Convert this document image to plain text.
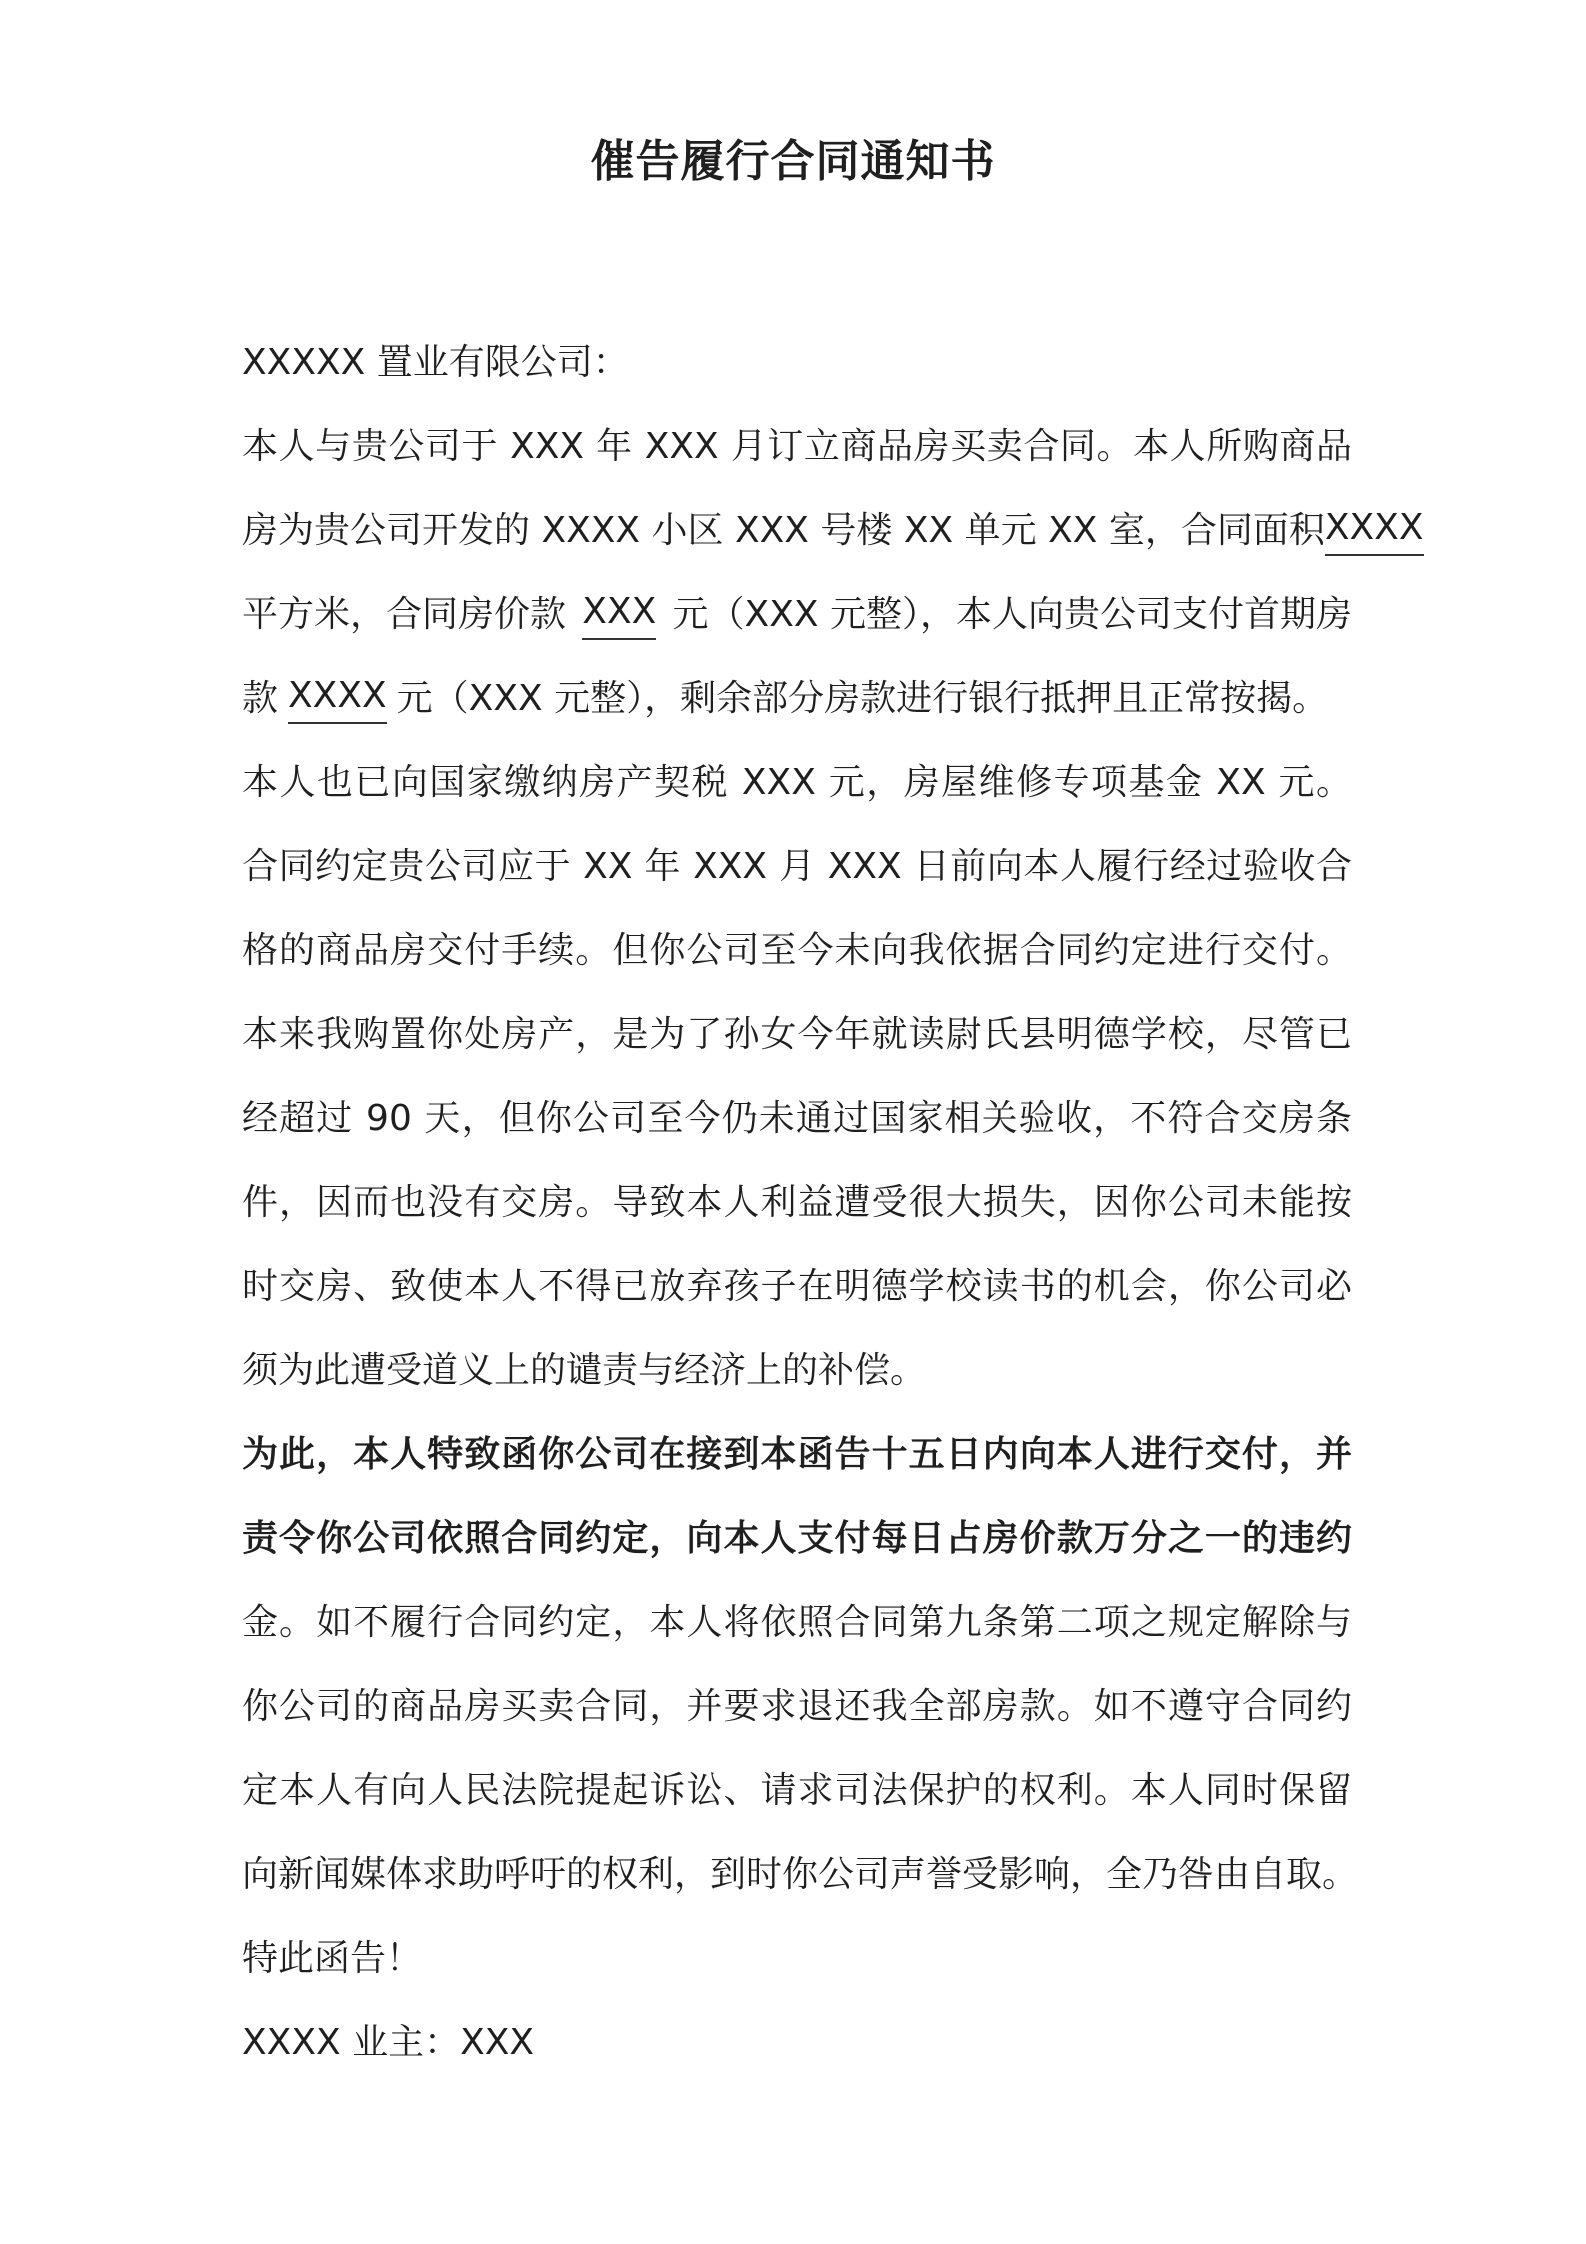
催告履行合同通知书
XXXXX 置业有限公司：
本人与贵公司于 XXX 年 XXX 月订立商品房买卖合同。本人所购商品
房为贵公司开发的 XXXX 小区 XXX 号楼 XX 单元 XX 室，合同面积 XXXX
平方米，合同房价款 XXX 元（XXX 元整），本人向贵公司支付首期房
款 XXXX 元（XXX 元整），剩余部分房款进行银行抵押且正常按揭。
本人也已向国家缴纳房产契税 XXX 元，房屋维修专项基金 XX 元。
合同约定贵公司应于 XX 年 XXX 月 XXX 日前向本人履行经过验收合
格的商品房交付手续。但你公司至今未向我依据合同约定进行交付。
本来我购置你处房产，是为了孙女今年就读尉氏县明德学校，尽管已
经超过 90 天，但你公司至今仍未通过国家相关验收，不符合交房条
件，因而也没有交房。导致本人利益遭受很大损失，因你公司未能按
时交房、致使本人不得已放弃孩子在明德学校读书的机会，你公司必
须为此遭受道义上的谴责与经济上的补偿。
为此，本人特致函你公司在接到本函告十五日内向本人进行交付，并
责令你公司依照合同约定，向本人支付每日占房价款万分之一的违约
金。如不履行合同约定，本人将依照合同第九条第二项之规定解除与
你公司的商品房买卖合同，并要求退还我全部房款。如不遵守合同约
定本人有向人民法院提起诉讼、请求司法保护的权利。本人同时保留
向新闻媒体求助呼吁的权利，到时你公司声誉受影响，全乃咎由自取。
特此函告！
XXXX 业主：XXX
